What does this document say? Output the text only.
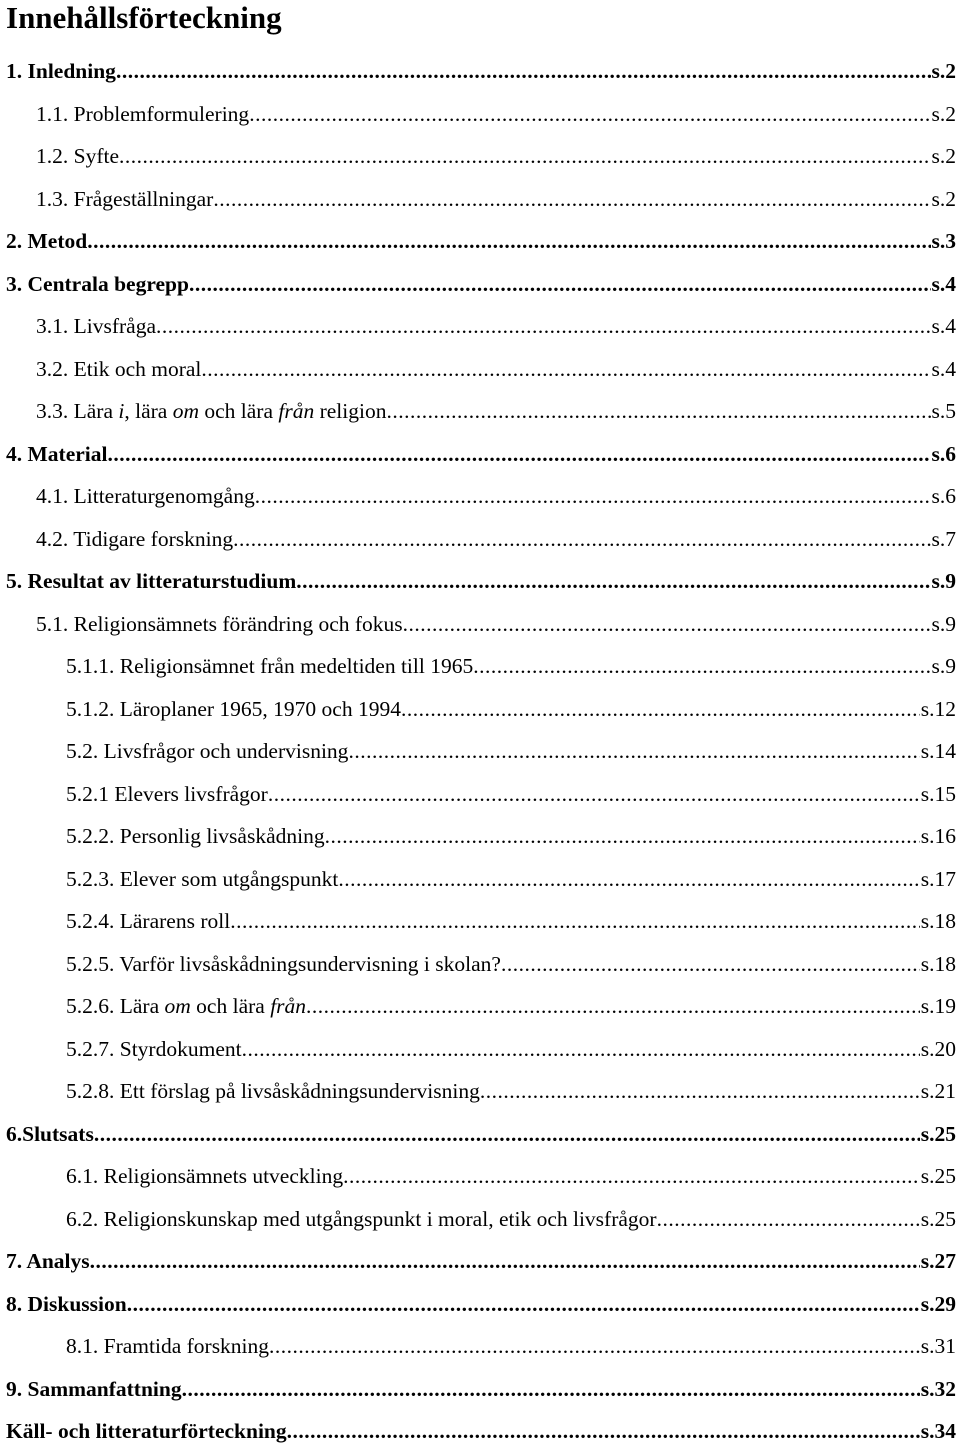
Innehållsförteckning
1. Inledning .....	s.2
1.1. Problemformulering .....	s.2
1.2. Syfte .....	s.2
1.3. Frågeställningar .....	s.2
2. Metod .....	s.3
3. Centrala begrepp .....	s.4
3.1. Livsfråga .....	s.4
3.2. Etik och moral .....	s.4
3.3. Lära i, lära om och lära från religion .....	s.5
4. Material .....	s.6
4.1. Litteraturgenomgång .....	s.6
4.2. Tidigare forskning .....	s.7
5. Resultat av litteraturstudium .....	s.9
5.1. Religionsämnets förändring och fokus .....	s.9
5.1.1. Religionsämnet från medeltiden till 1965 .....	s.9
5.1.2. Läroplaner 1965, 1970 och 1994 .....	s.12
5.2. Livsfrågor och undervisning .....	s.14
5.2.1 Elevers livsfrågor .....	s.15
5.2.2. Personlig livsåskådning .....	s.16
5.2.3. Elever som utgångspunkt .....	s.17
5.2.4. Lärarens roll .....	s.18
5.2.5. Varför livsåskådningsundervisning i skolan? .....	s.18
5.2.6. Lära om och lära från .....	s.19
5.2.7. Styrdokument .....	s.20
5.2.8. Ett förslag på livsåskådningsundervisning .....	s.21
6.Slutsats .....	s.25
6.1. Religionsämnets utveckling .....	s.25
6.2. Religionskunskap med utgångspunkt i moral, etik och livsfrågor .....	s.25
7. Analys .....	s.27
8. Diskussion .....	s.29
8.1. Framtida forskning .....	s.31
9. Sammanfattning .....	s.32
Käll- och litteraturförteckning .....	s.34
